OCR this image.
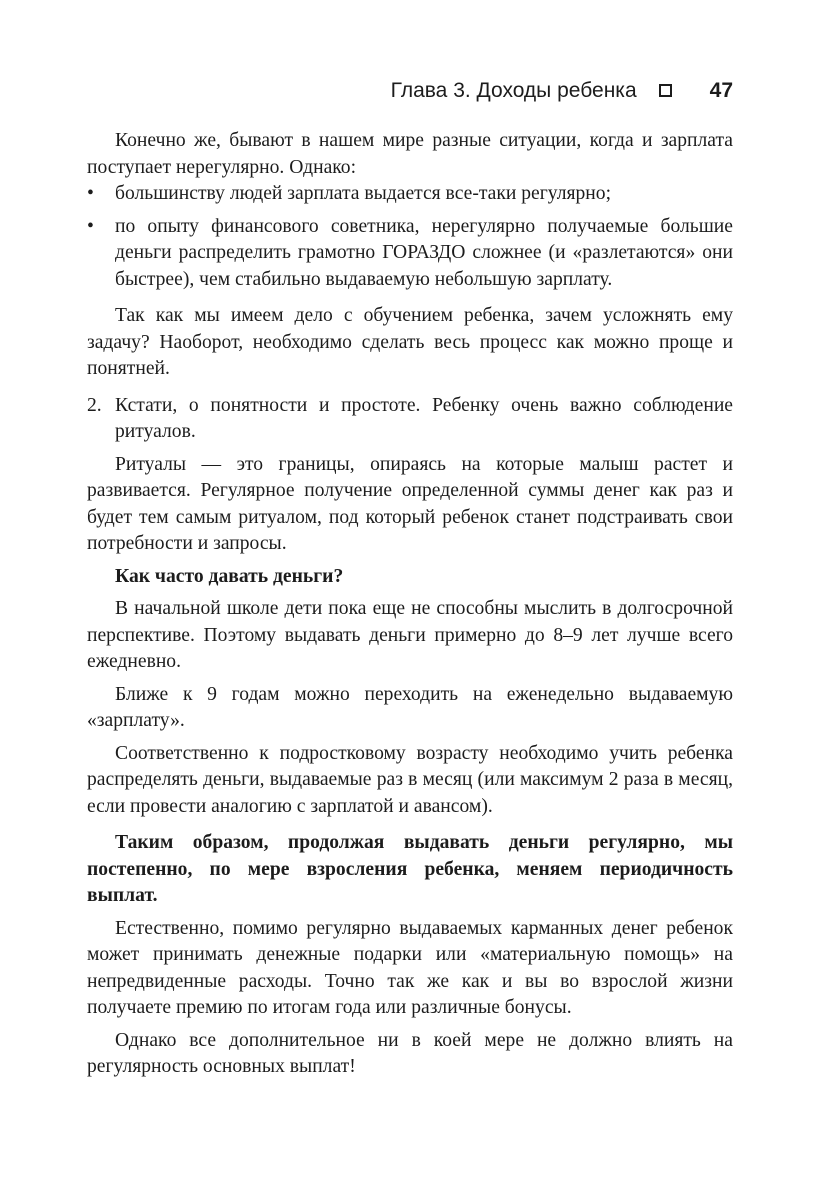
Глава 3. Доходы ребенка	47

Конечно же, бывают в нашем мире разные ситуации, когда и зарплата поступает нерегулярно. Однако:

• большинству людей зарплата выдается все-таки регулярно;
• по опыту финансового советника, нерегулярно получаемые большие деньги распределить грамотно ГОРАЗДО сложнее (и «разлетаются» они быстрее), чем стабильно выдаваемую небольшую зарплату.

Так как мы имеем дело с обучением ребенка, зачем усложнять ему задачу? Наоборот, необходимо сделать весь процесс как можно проще и понятней.

2. Кстати, о понятности и простоте. Ребенку очень важно соблюдение ритуалов.

Ритуалы — это границы, опираясь на которые малыш растет и развивается. Регулярное получение определенной суммы денег как раз и будет тем самым ритуалом, под который ребенок станет подстраивать свои потребности и запросы.

Как часто давать деньги?

В начальной школе дети пока еще не способны мыслить в долгосрочной перспективе. Поэтому выдавать деньги примерно до 8–9 лет лучше всего ежедневно.

Ближе к 9 годам можно переходить на еженедельно выдаваемую «зарплату».

Соответственно к подростковому возрасту необходимо учить ребенка распределять деньги, выдаваемые раз в месяц (или максимум 2 раза в месяц, если провести аналогию с зарплатой и авансом).

Таким образом, продолжая выдавать деньги регулярно, мы постепенно, по мере взросления ребенка, меняем периодичность выплат.

Естественно, помимо регулярно выдаваемых карманных денег ребенок может принимать денежные подарки или «материальную помощь» на непредвиденные расходы. Точно так же как и вы во взрослой жизни получаете премию по итогам года или различные бонусы.

Однако все дополнительное ни в коей мере не должно влиять на регулярность основных выплат!
